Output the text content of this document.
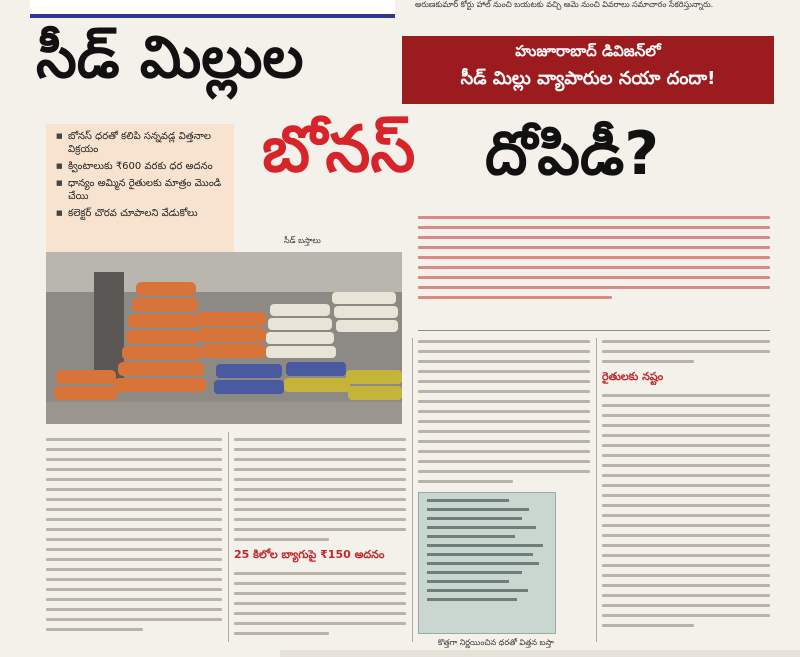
అరుణకుమార్ కోర్టు హాల్ నుంచి బయటకు వచ్చి ఆమె నుంచి వివరాలు సమాచారం సేకరిస్తున్నారు.
సీడ్ మిల్లుల
బోనస్ దోపిడీ?
హుజూరాబాద్ డివిజన్‌లో
సీడ్ మిల్లు వ్యాపారుల నయా దందా!
■ బోనస్ ధరతో కలిపి సన్నవడ్ల విత్తనాల విక్రయం
■ క్వింటాలుకు ₹600 వరకు ధర అదనం
■ ధాన్యం అమ్మిన రైతులకు మాత్రం మొండి చేయి
■ కలెక్టర్ చొరవ చూపాలని వేడుకోలు
సీడ్ బస్తాలు
25 కిలోల బ్యాగుపై ₹150 అదనం
కొత్తగా నిర్ణయించిన ధరతో విత్తన బస్తా
రైతులకు నష్టం
